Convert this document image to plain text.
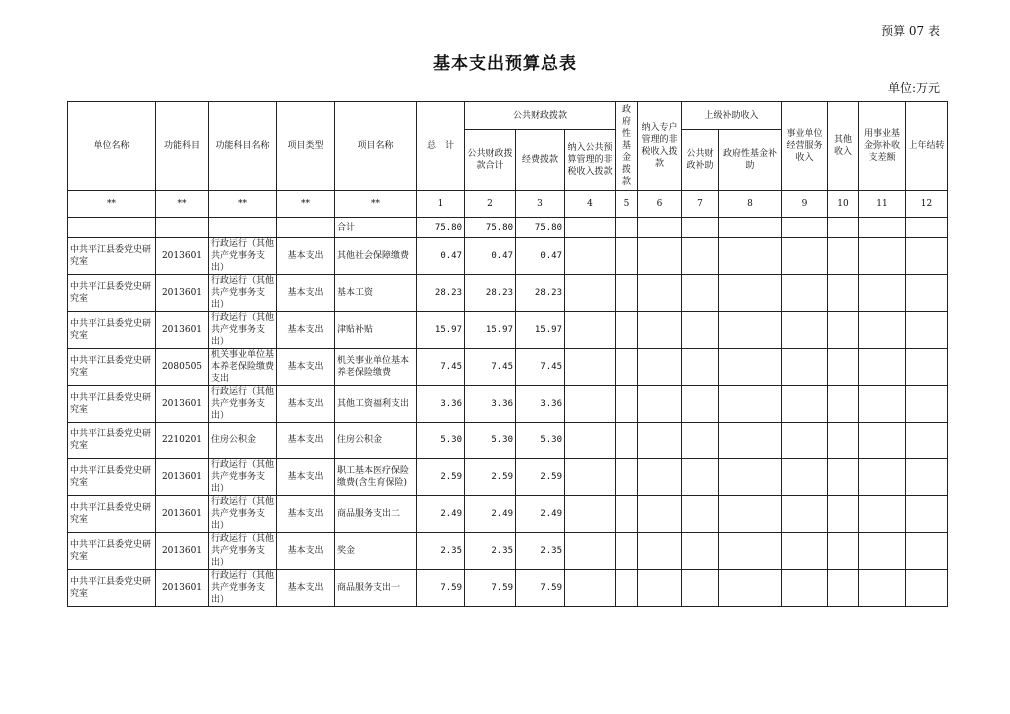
预算 07 表
基本支出预算总表
单位:万元
单位名称	功能科目	功能科目名称	项目类型	项目名称	总　计	公共财政拨款			政府性基金拨款	纳入专户管理的非税收入拨款	上级补助收入		事业单位经营服务收入	其他收入	用事业基金弥补收支差额	上年结转
						公共财政拨款合计	经费拨款	纳入公共预算管理的非税收入拨款			公共财政补助	政府性基金补助				
**	**	**	**	**	1	2	3	4	5	6	7	8	9	10	11	12
				合计	75.80	75.80	75.80									
中共平江县委党史研究室	2013601	行政运行（其他共产党事务支出）	基本支出	其他社会保障缴费	0.47	0.47	0.47									
中共平江县委党史研究室	2013601	行政运行（其他共产党事务支出）	基本支出	基本工资	28.23	28.23	28.23									
中共平江县委党史研究室	2013601	行政运行（其他共产党事务支出）	基本支出	津贴补贴	15.97	15.97	15.97									
中共平江县委党史研究室	2080505	机关事业单位基本养老保险缴费支出	基本支出	机关事业单位基本养老保险缴费	7.45	7.45	7.45									
中共平江县委党史研究室	2013601	行政运行（其他共产党事务支出）	基本支出	其他工资福利支出	3.36	3.36	3.36									
中共平江县委党史研究室	2210201	住房公积金	基本支出	住房公积金	5.30	5.30	5.30									
中共平江县委党史研究室	2013601	行政运行（其他共产党事务支出）	基本支出	职工基本医疗保险缴费(含生育保险)	2.59	2.59	2.59									
中共平江县委党史研究室	2013601	行政运行（其他共产党事务支出）	基本支出	商品服务支出二	2.49	2.49	2.49									
中共平江县委党史研究室	2013601	行政运行（其他共产党事务支出）	基本支出	奖金	2.35	2.35	2.35									
中共平江县委党史研究室	2013601	行政运行（其他共产党事务支出）	基本支出	商品服务支出一	7.59	7.59	7.59									
